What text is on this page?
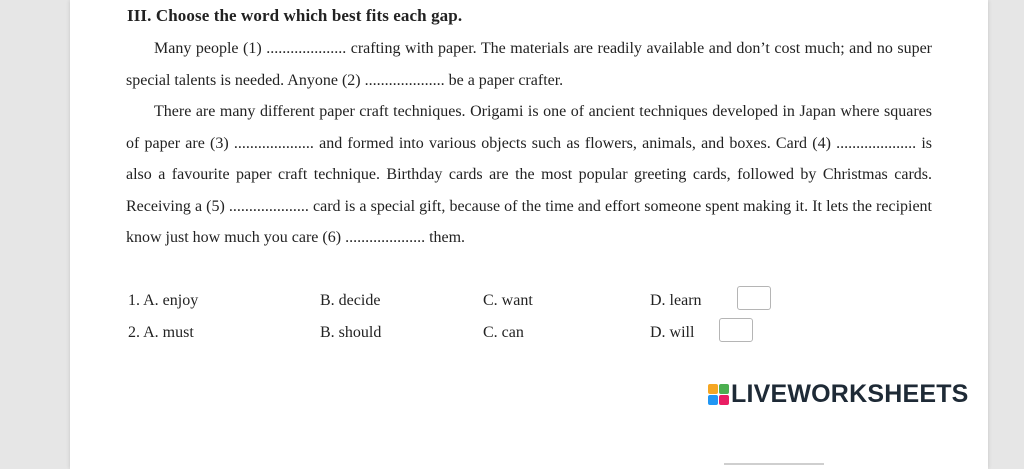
III. Choose the word which best fits each gap.
Many people (1) .................... crafting with paper. The materials are readily available and don’t cost much; and no super special talents is needed. Anyone (2) .................... be a paper crafter.
There are many different paper craft techniques. Origami is one of ancient techniques developed in Japan where squares of paper are (3) .................... and formed into various objects such as flowers, animals, and boxes. Card (4) .................... is also a favourite paper craft technique. Birthday cards are the most popular greeting cards, followed by Christmas cards. Receiving a (5) .................... card is a special gift, because of the time and effort someone spent making it. It lets the recipient know just how much you care (6) .................... them.
1. A. enjoy	B. decide	C. want	D. learn
2. A. must	B. should	C. can	D. will
LIVEWORKSHEETS
